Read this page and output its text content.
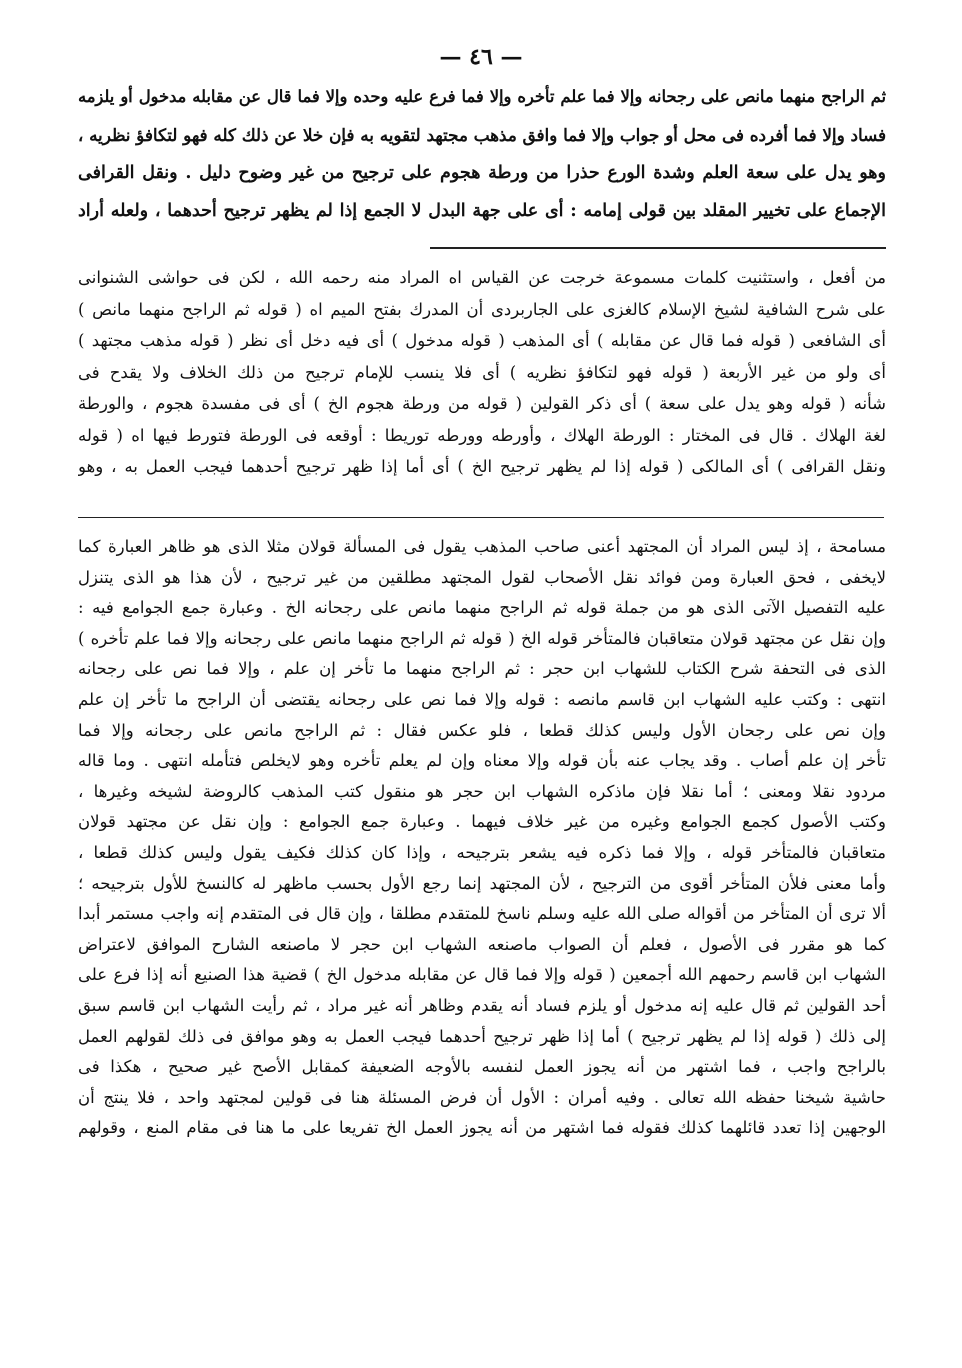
— ٤٦ —

ثم الراجح منهما مانص على رجحانه وإلا فما علم تأخره وإلا فما فرع عليه وحده وإلا فما قال عن مقابله مدخول أو يلزمه

فساد وإلا فما أفرده فى محل أو جواب وإلا فما وافق مذهب مجتهد لتقويه به فإن خلا عن ذلك كله فهو لتكافؤ نظريه ،

وهو يدل على سعة العلم وشدة الورع حذرا من ورطة هجوم على ترجيح من غير وضوح دليل . ونقل القرافى

الإجماع على تخيير المقلد بين قولى إمامه : أى على جهة البدل لا الجمع إذا لم يظهر ترجيح أحدهما ، ولعله أراد

من أفعل ، واستثنيت كلمات مسموعة خرجت عن القياس اه المراد منه رحمه الله ، لكن فى حواشى الشنوانى

على شرح الشافية لشيخ الإسلام كالغزى على الجاربردى أن المدرك بفتح الميم اه ( قوله ثم الراجح منهما مانص )

أى الشافعى ( قوله فما قال عن مقابله ) أى المذهب ( قوله مدخول ) أى فيه دخل أى نظر ( قوله مذهب مجتهد )

أى ولو من غير الأربعة ( قوله فهو لتكافؤ نظريه ) أى فلا ينسب للإمام ترجيح من ذلك الخلاف ولا يقدح فى

شأنه ( قوله وهو يدل على سعة ) أى ذكر القولين ( قوله من ورطة هجوم الخ ) أى فى مفسدة هجوم ، والورطة

لغة الهلاك . قال فى المختار : الورطة الهلاك ، وأورطه وورطه توريطا : أوقعه فى الورطة فتورط فيها اه ( قوله

ونقل القرافى ) أى المالكى ( قوله إذا لم يظهر ترجيح الخ ) أى أما إذا ظهر ترجيح أحدهما فيجب العمل به ، وهو

مسامحة ، إذ ليس المراد أن المجتهد أعنى صاحب المذهب يقول فى المسألة قولان مثلا الذى هو ظاهر العبارة كما

لايخفى ، فحق العبارة ومن فوائد نقل الأصحاب لقول المجتهد مطلقين من غير ترجيح ، لأن هذا هو الذى يتنزل

عليه التفصيل الآتى الذى هو من جملة قوله ثم الراجح منهما مانص على رجحانه الخ . وعبارة جمع الجوامع فيه :

وإن نقل عن مجتهد قولان متعاقبان فالمتأخر قوله الخ ( قوله ثم الراجح منهما مانص على رجحانه وإلا فما علم تأخره )

الذى فى التحفة شرح الكتاب للشهاب ابن حجر : ثم الراجح منهما ما تأخر إن علم ، وإلا فما نص على رجحانه

انتهى : وكتب عليه الشهاب ابن قاسم مانصه : قوله وإلا فما نص على رجحانه يقتضى أن الراجح ما تأخر إن علم

وإن نص على رجحان الأول وليس كذلك قطعا ، فلو عكس فقال : ثم الراجح مانص على رجحانه وإلا فما

تأخر إن علم أصاب . وقد يجاب عنه بأن قوله وإلا معناه وإن لم يعلم تأخره وهو لايخلص فتأمله انتهى . وما قاله

مردود نقلا ومعنى ؛ أما نقلا فإن ماذكره الشهاب ابن حجر هو منقول كتب المذهب كالروضة لشيخه وغيرها ،

وكتب الأصول كجمع الجوامع وغيره من غير خلاف فيهما . وعبارة جمع الجوامع : وإن نقل عن مجتهد قولان

متعاقبان فالمتأخر قوله ، وإلا فما ذكره فيه يشعر بترجيحه ، وإذا كان كذلك فكيف يقول وليس كذلك قطعا ،

وأما معنى فلأن المتأخر أقوى من الترجيح ، لأن المجتهد إنما رجع الأول بحسب ماظهر له كالنسخ للأول بترجيحه ؛

ألا ترى أن المتأخر من أقواله صلى الله عليه وسلم ناسخ للمتقدم مطلقا ، وإن قال فى المتقدم إنه واجب مستمر أبدا

كما هو مقرر فى الأصول ، فعلم أن الصواب ماصنعه الشهاب ابن حجر لا ماصنعه الشارح الموافق لاعتراض

الشهاب ابن قاسم رحمهم الله أجمعين ( قوله وإلا فما قال عن مقابله مدخول الخ ) قضية هذا الصنيع أنه إذا فرع على

أحد القولين ثم قال عليه إنه مدخول أو يلزم فساد أنه يقدم وظاهر أنه غير مراد ، ثم رأيت الشهاب ابن قاسم سبق

إلى ذلك ( قوله إذا لم يظهر ترجيح ) أما إذا ظهر ترجيح أحدهما فيجب العمل به وهو موافق فى ذلك لقولهم العمل

بالراجح واجب ، فما اشتهر من أنه يجوز العمل لنفسه بالأوجه الضعيفة كمقابل الأصح غير صحيح ، هكذا فى

حاشية شيخنا حفظه الله تعالى . وفيه أمران : الأول أن فرض المسئلة هنا فى قولين لمجتهد واحد ، فلا ينتج أن

الوجهين إذا تعدد قائلهما كذلك فقوله فما اشتهر من أنه يجوز العمل الخ تفريعا على ما هنا فى مقام المنع ، وقولهم
